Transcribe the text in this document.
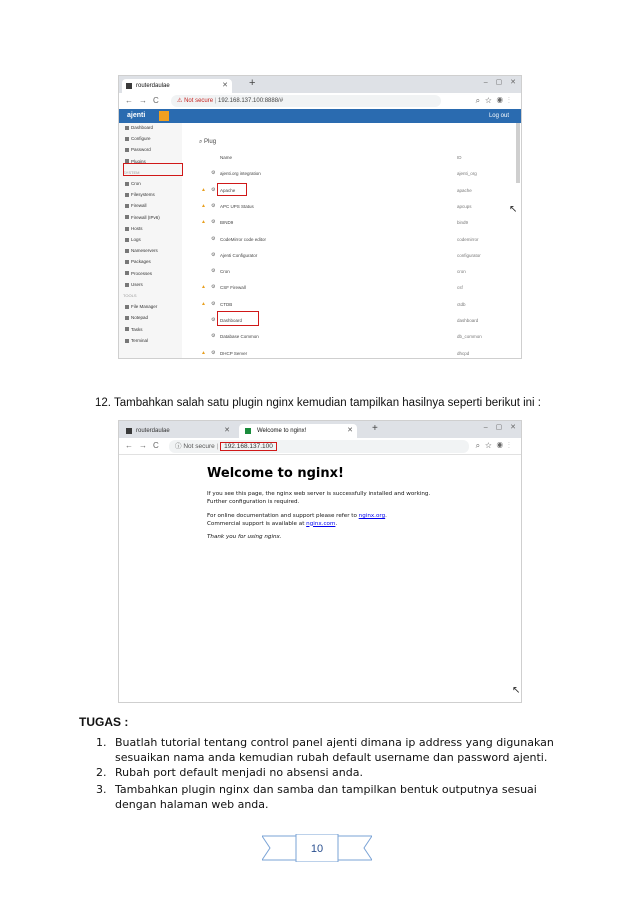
routerdaulae	✕ +	– ▢ ✕
← → C	⚠ Not secure | 192.168.137.100:8888/#	⌕☆◉⋮
ajenti	Log out
Dashboard
Configure
Password
Plugins
SYSTEM
Cron
Filesystems
Firewall
Firewall (IPv6)
Hosts
Logs
Nameservers
Packages
Processes
Users
TOOLS
File Manager
Notepad
Tasks
Terminal
⌕ Plug
Name	ID
ajenti.org integration	ajenti_org
⚙
Apache	apache
⚙
▲
APC UPS Status	apcups
⚙
▲
BIND9	bind9
⚙
▲
CodeMirror code editor	codemirror
⚙
Ajenti Configurator	configurator
⚙
Cron	cron
⚙
CSF Firewall	csf
⚙
▲
CTDB	ctdb
⚙
▲
Dashboard	dashboard
⚙
Database Common	db_common
⚙
DHCP Server	dhcpd
⚙
▲
↖
12. Tambahkan salah satu plugin nginx kemudian tampilkan hasilnya seperti berikut ini :
routerdaulae	✕	Welcome to nginx!	✕ +	– ▢ ✕
← → C	ⓘ Not secure | 192.168.137.100	⌕☆◉⋮
Welcome to nginx!
If you see this page, the nginx web server is successfully installed and working. Further configuration is required.
For online documentation and support please refer to nginx.org.
Commercial support is available at nginx.com.
Thank you for using nginx.
↖
TUGAS :
1. Buatlah tutorial tentang control panel ajenti dimana ip address yang digunakan sesuaikan nama anda kemudian rubah default username dan password ajenti.
2. Rubah port default menjadi no absensi anda.
3. Tambahkan plugin nginx dan samba dan tampilkan bentuk outputnya sesuai dengan halaman web anda.
10
